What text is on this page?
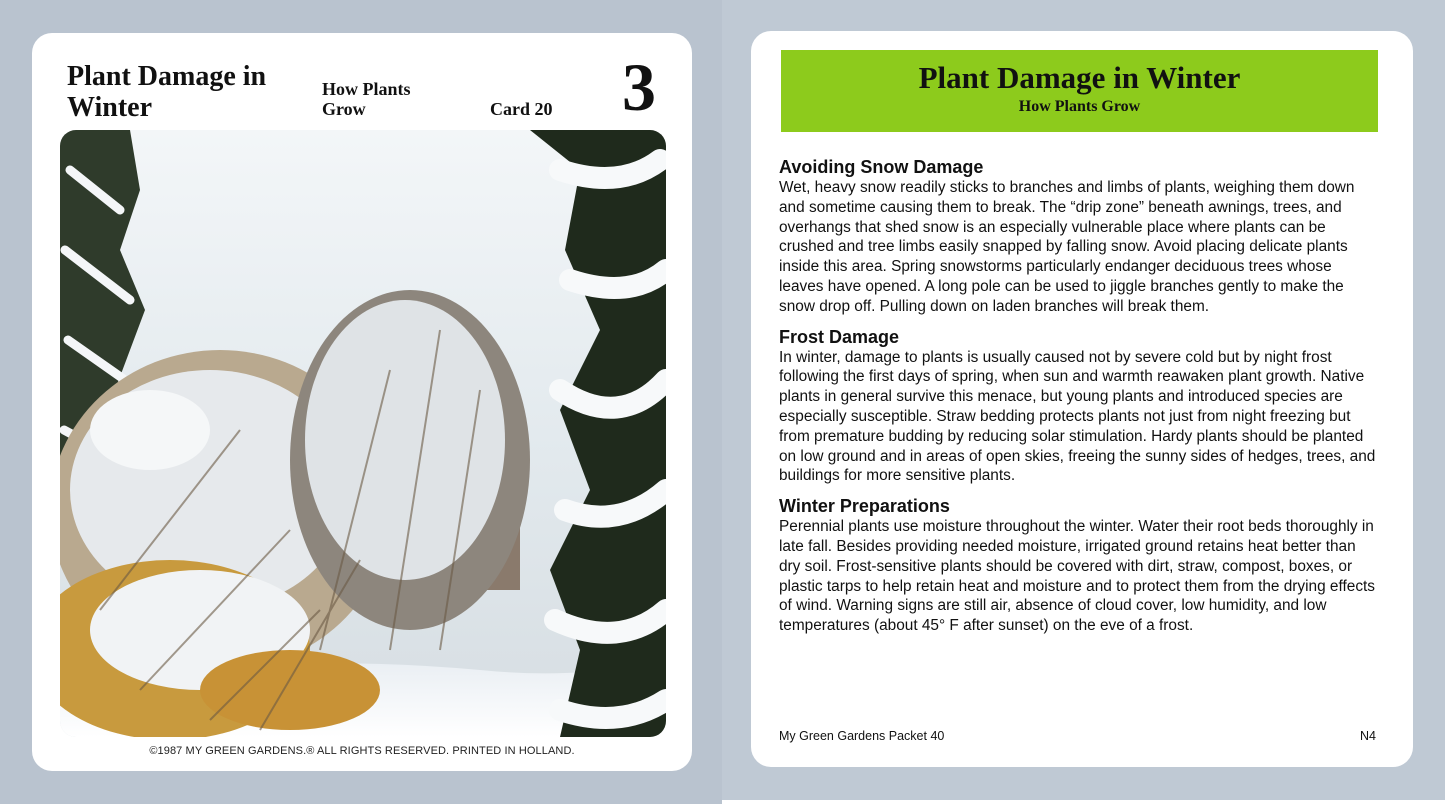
Plant Damage in Winter
How Plants Grow	Card 20 3
©1987 MY GREEN GARDENS.® ALL RIGHTS RESERVED. PRINTED IN HOLLAND.
Plant Damage in Winter
How Plants Grow
Avoiding Snow Damage

Wet, heavy snow readily sticks to branches and limbs of plants, weighing them down and sometime causing them to break. The “drip zone” beneath awnings, trees, and overhangs that shed snow is an especially vulnerable place where plants can be crushed and tree limbs easily snapped by falling snow. Avoid placing delicate plants inside this area. Spring snowstorms particularly endanger deciduous trees whose leaves have opened. A long pole can be used to jiggle branches gently to make the snow drop off. Pulling down on laden branches will break them.

Frost Damage

In winter, damage to plants is usually caused not by severe cold but by night frost following the first days of spring, when sun and warmth reawaken plant growth. Native plants in general survive this menace, but young plants and introduced species are especially susceptible. Straw bedding protects plants not just from night freezing but from premature budding by reducing solar stimulation. Hardy plants should be planted on low ground and in areas of open skies, freeing the sunny sides of hedges, trees, and buildings for more sensitive plants.

Winter Preparations

Perennial plants use moisture throughout the winter. Water their root beds thoroughly in late fall. Besides providing needed moisture, irrigated ground retains heat better than dry soil. Frost-sensitive plants should be covered with dirt, straw, compost, boxes, or plastic tarps to help retain heat and moisture and to protect them from the drying effects of wind. Warning signs are still air, absence of cloud cover, low humidity, and low temperatures (about 45° F after sunset) on the eve of a frost.

My Green Gardens Packet 40	N4
